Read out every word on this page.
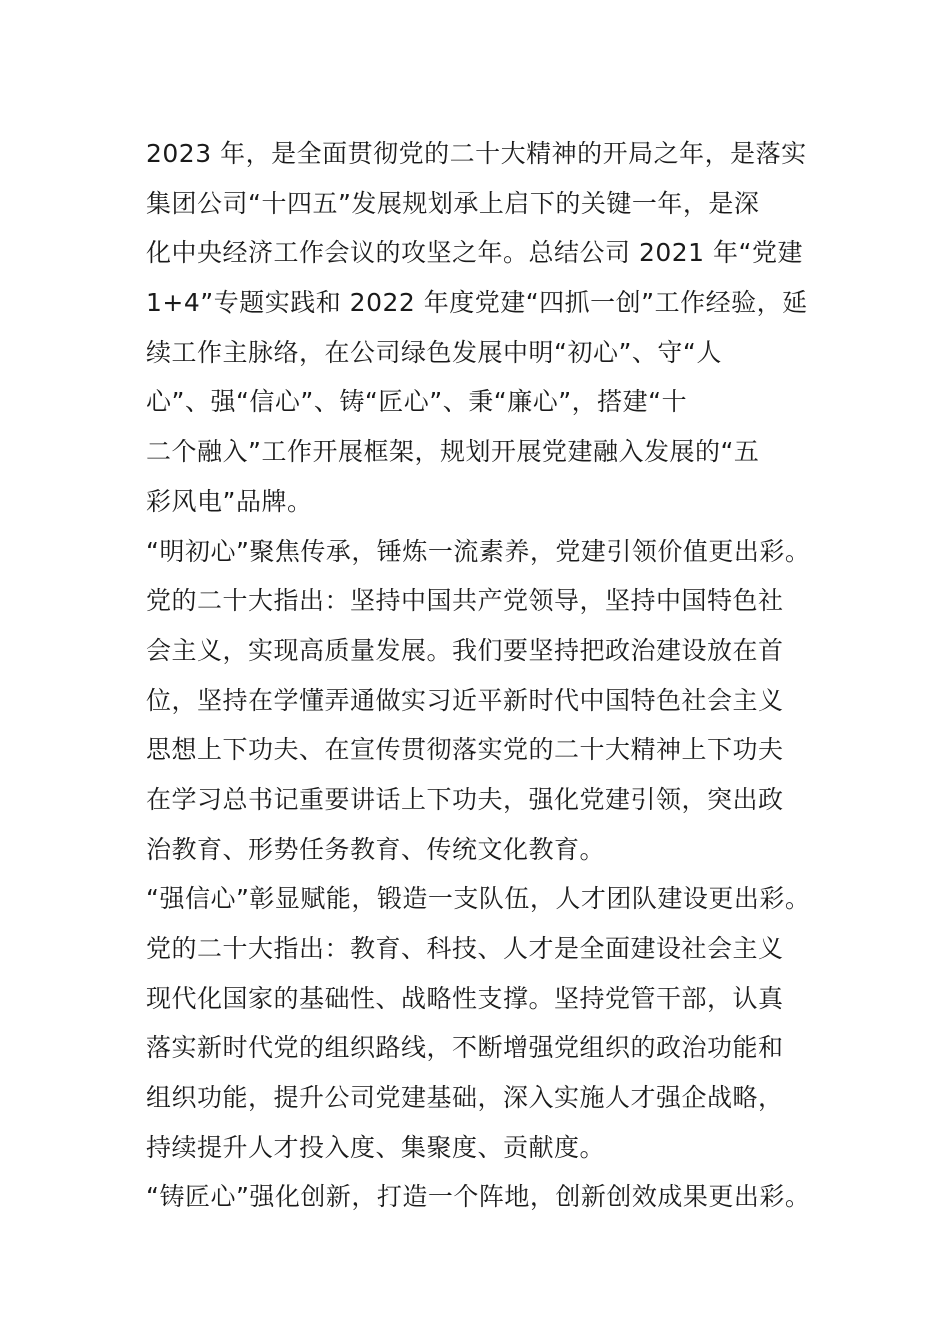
2023 年，是全面贯彻党的二十大精神的开局之年，是落实
集团公司“十四五”发展规划承上启下的关键一年，是深
化中央经济工作会议的攻坚之年。总结公司 2021 年“党建
1+4”专题实践和 2022 年度党建“四抓一创”工作经验，延
续工作主脉络，在公司绿色发展中明“初心”、守“人
心”、强“信心”、铸“匠心”、秉“廉心”，搭建“十
二个融入”工作开展框架，规划开展党建融入发展的“五
彩风电”品牌。
“明初心”聚焦传承，锤炼一流素养，党建引领价值更出彩。
党的二十大指出：坚持中国共产党领导，坚持中国特色社
会主义，实现高质量发展。我们要坚持把政治建设放在首
位，坚持在学懂弄通做实习近平新时代中国特色社会主义
思想上下功夫、在宣传贯彻落实党的二十大精神上下功夫
在学习总书记重要讲话上下功夫，强化党建引领，突出政
治教育、形势任务教育、传统文化教育。
“强信心”彰显赋能，锻造一支队伍，人才团队建设更出彩。
党的二十大指出：教育、科技、人才是全面建设社会主义
现代化国家的基础性、战略性支撑。坚持党管干部，认真
落实新时代党的组织路线，不断增强党组织的政治功能和
组织功能，提升公司党建基础，深入实施人才强企战略，
持续提升人才投入度、集聚度、贡献度。
“铸匠心”强化创新，打造一个阵地，创新创效成果更出彩。
